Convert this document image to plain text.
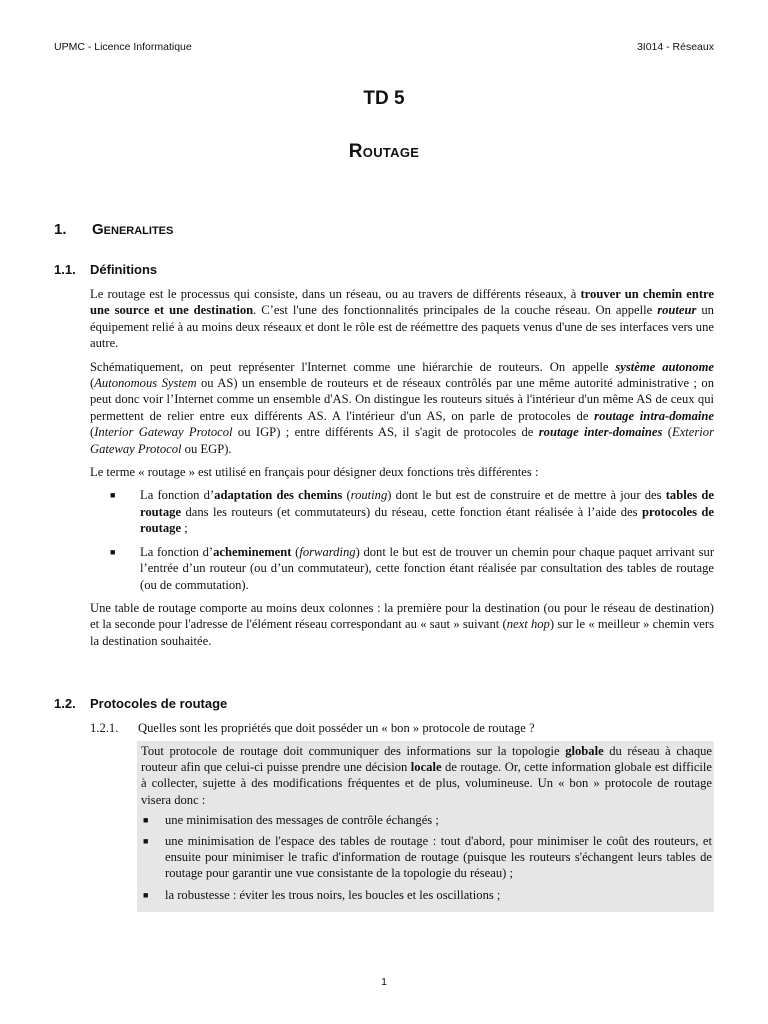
UPMC - Licence Informatique	3I014 - Réseaux
TD 5
Routage
1. Generalites
1.1. Définitions

Le routage est le processus qui consiste, dans un réseau, ou au travers de différents réseaux, à trouver un chemin entre une source et une destination. C’est l'une des fonctionnalités principales de la couche réseau. On appelle routeur un équipement relié à au moins deux réseaux et dont le rôle est de réémettre des paquets venus d'une de ses interfaces vers une autre.

Schématiquement, on peut représenter l'Internet comme une hiérarchie de routeurs. On appelle système autonome (Autonomous System ou AS) un ensemble de routeurs et de réseaux contrôlés par une même autorité administrative ; on peut donc voir l’Internet comme un ensemble d'AS. On distingue les routeurs situés à l'intérieur d'un même AS de ceux qui permettent de relier entre eux différents AS. A l'intérieur d'un AS, on parle de protocoles de routage intra-domaine (Interior Gateway Protocol ou IGP) ; entre différents AS, il s'agit de protocoles de routage inter-domaines (Exterior Gateway Protocol ou EGP).

Le terme « routage » est utilisé en français pour désigner deux fonctions très différentes :

■ La fonction d’adaptation des chemins (routing) dont le but est de construire et de mettre à jour des tables de routage dans les routeurs (et commutateurs) du réseau, cette fonction étant réalisée à l’aide des protocoles de routage ;
■ La fonction d’acheminement (forwarding) dont le but est de trouver un chemin pour chaque paquet arrivant sur l’entrée d’un routeur (ou d’un commutateur), cette fonction étant réalisée par consultation des tables de routage (ou de commutation).

Une table de routage comporte au moins deux colonnes : la première pour la destination (ou pour le réseau de destination) et la seconde pour l'adresse de l'élément réseau correspondant au « saut » suivant (next hop) sur le « meilleur » chemin vers la destination souhaitée.

1.2. Protocoles de routage
1.2.1. Quelles sont les propriétés que doit posséder un « bon » protocole de routage ?

Tout protocole de routage doit communiquer des informations sur la topologie globale du réseau à chaque routeur afin que celui-ci puisse prendre une décision locale de routage. Or, cette information globale est difficile à collecter, sujette à des modifications fréquentes et de plus, volumineuse. Un « bon » protocole de routage visera donc :

■ une minimisation des messages de contrôle échangés ;
■ une minimisation de l'espace des tables de routage : tout d'abord, pour minimiser le coût des routeurs, et ensuite pour minimiser le trafic d'information de routage (puisque les routeurs s'échangent leurs tables de routage pour garantir une vue consistante de la topologie du réseau) ;
■ la robustesse : éviter les trous noirs, les boucles et les oscillations ;
1
